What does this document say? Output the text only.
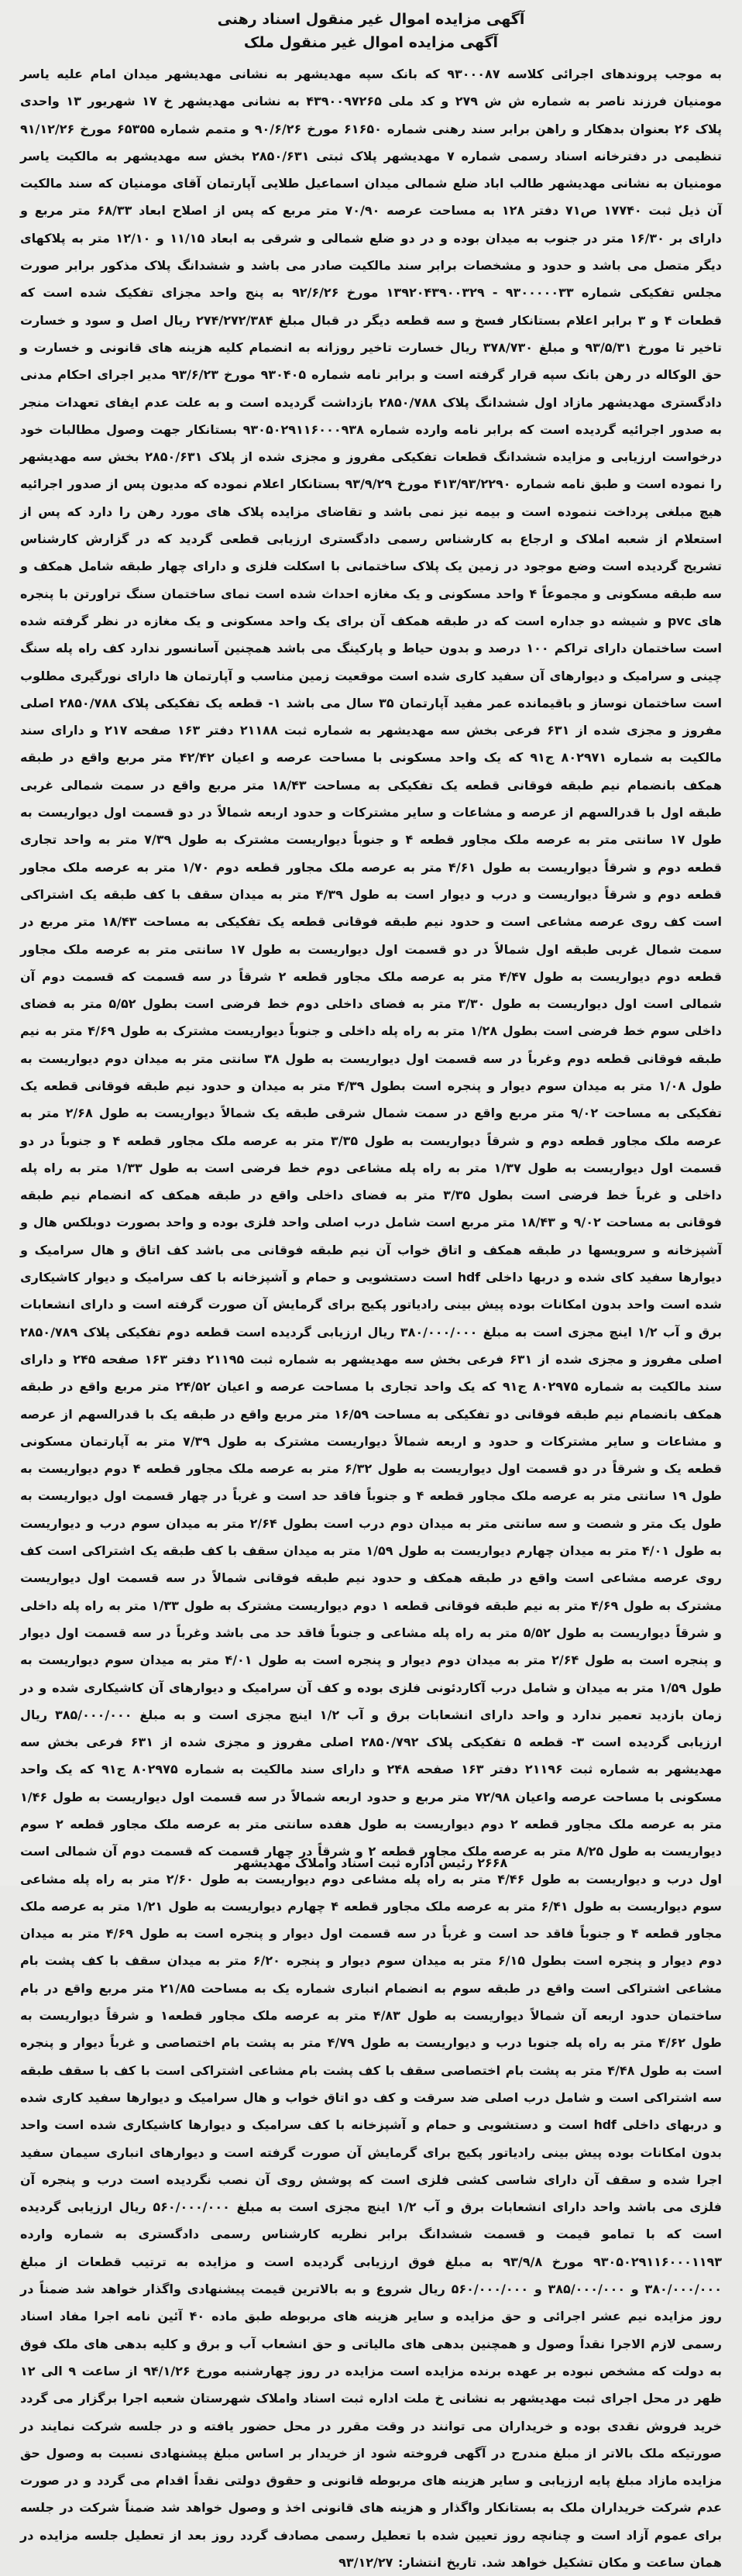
آگهی مزایده اموال غیر منقول اسناد رهنی
آگهی مزایده اموال غیر منقول ملک

به موجب پروندهای اجرائی کلاسه ۹۳۰۰۰۸۷ که بانک سپه مهدیشهر به نشانی مهدیشهر میدان امام علیه یاسر مومنیان فرزند ناصر به شماره ش ش ۲۷۹ و کد ملی ۴۳۹۰۰۹۷۲۶۵ به نشانی مهدیشهر خ ۱۷ شهریور ۱۳ واحدی پلاک ۲۶ بعنوان بدهکار و راهن برابر سند رهنی شماره ۶۱۶۵۰ مورخ ۹۰/۶/۲۶ و متمم شماره ۶۵۳۵۵ مورخ ۹۱/۱۲/۲۶ تنظیمی در دفترخانه اسناد رسمی شماره ۷ مهدیشهر پلاک ثبتی ۲۸۵۰/۶۳۱ بخش سه مهدیشهر به مالکیت یاسر مومنیان به نشانی مهدیشهر طالب اباد ضلع شمالی میدان اسماعیل طلایی آپارتمان آقای مومنیان که سند مالکیت آن ذیل ثبت ۱۷۷۴۰ ص۷۱ دفتر ۱۲۸ به مساحت عرصه ۷۰/۹۰ متر مربع که پس از اصلاح ابعاد ۶۸/۳۳ متر مربع و دارای بر ۱۶/۳۰ متر در جنوب به میدان بوده و در دو ضلع شمالی و شرقی به ابعاد ۱۱/۱۵ و ۱۲/۱۰ متر به پلاکهای دیگر متصل می باشد و حدود و مشخصات برابر سند مالکیت صادر می باشد و ششدانگ پلاک مذکور برابر صورت مجلس تفکیکی شماره ۹۳۰۰۰۰۰۳۳ - ۱۳۹۲۰۴۳۹۰۰۳۲۹ مورخ ۹۲/۶/۲۶ به پنج واحد مجزای تفکیک شده است که قطعات ۴ و ۳ برابر اعلام بستانکار فسخ و سه قطعه دیگر در قبال مبلغ ۲۷۴/۲۷۲/۳۸۴ ریال اصل و سود و خسارت تاخیر تا مورخ ۹۳/۵/۳۱ و مبلغ ۳۷۸/۷۳۰ ریال خسارت تاخیر روزانه به انضمام کلیه هزینه های قانونی و خسارت و حق الوکاله در رهن بانک سپه قرار گرفته است و برابر نامه شماره ۹۳۰۴۰۵ مورخ ۹۳/۶/۲۳ مدیر اجرای احکام مدنی دادگستری مهدیشهر مازاد اول ششدانگ پلاک ۲۸۵۰/۷۸۸ بازداشت گردیده است و به علت عدم ایفای تعهدات منجر به صدور اجرائیه گردیده است که برابر نامه وارده شماره ۹۳۰۵۰۲۹۱۱۶۰۰۰۹۳۸ بستانکار جهت وصول مطالبات خود درخواست ارزیابی و مزایده ششدانگ قطعات تفکیکی مفروز و مجزی شده از پلاک ۲۸۵۰/۶۳۱ بخش سه مهدیشهر را نموده است و طبق نامه شماره ۴۱۳/۹۳/۲۲۹۰ مورخ ۹۳/۹/۲۹ بستانکار اعلام نموده که مدیون پس از صدور اجرائیه هیچ مبلغی پرداخت ننموده است و بیمه نیز نمی باشد و تقاضای مزایده پلاک های مورد رهن را دارد که پس از استعلام از شعبه املاک و ارجاع به کارشناس رسمی دادگستری ارزیابی قطعی گردید که در گزارش کارشناس تشریح گردیده است وضع موجود در زمین یک پلاک ساختمانی با اسکلت فلزی و دارای چهار طبقه شامل همکف و سه طبقه مسکونی و مجموعاً ۴ واحد مسکونی و یک مغازه احداث شده است نمای ساختمان سنگ تراورتن با پنجره های pvc و شیشه دو جداره است که در طبقه همکف آن برای یک واحد مسکونی و یک مغازه در نظر گرفته شده است ساختمان دارای تراکم ۱۰۰ درصد و بدون حیاط و پارکینگ می باشد همچنین آسانسور ندارد کف راه پله سنگ چینی و سرامیک و دیوارهای آن سفید کاری شده است موقعیت زمین مناسب و آپارتمان ها دارای نورگیری مطلوب است ساختمان نوساز و باقیمانده عمر مفید آپارتمان ۳۵ سال می باشد ۱- قطعه یک تفکیکی پلاک ۲۸۵۰/۷۸۸ اصلی مفروز و مجزی شده از ۶۳۱ فرعی بخش سه مهدیشهر به شماره ثبت ۲۱۱۸۸ دفتر ۱۶۳ صفحه ۲۱۷ و دارای سند مالکیت به شماره ۸۰۲۹۷۱ ج۹۱ که یک واحد مسکونی با مساحت عرصه و اعیان ۴۲/۴۲ متر مربع واقع در طبقه همکف بانضمام نیم طبقه فوقانی قطعه یک تفکیکی به مساحت ۱۸/۴۳ متر مربع واقع در سمت شمالی غربی طبقه اول با قدرالسهم از عرصه و مشاعات و سایر مشترکات و حدود اربعه شمالاً در دو قسمت اول دیواریست به طول ۱۷ سانتی متر به عرصه ملک مجاور قطعه ۴ و جنوباً دیواریست مشترک به طول ۷/۳۹ متر به واحد تجاری قطعه دوم و شرقاً دیواریست به طول ۴/۶۱ متر به عرصه ملک مجاور قطعه دوم ۱/۷۰ متر به عرصه ملک مجاور قطعه دوم و شرقاً دیواریست و درب و دیوار است به طول ۴/۳۹ متر به میدان سقف با کف طبقه یک اشتراکی است کف روی عرصه مشاعی است و حدود نیم طبقه فوقانی قطعه یک تفکیکی به مساحت ۱۸/۴۳ متر مربع در سمت شمال غربی طبقه اول شمالاً در دو قسمت اول دیواریست به طول ۱۷ سانتی متر به عرصه ملک مجاور قطعه دوم دیواریست به طول ۴/۴۷ متر به عرصه ملک مجاور قطعه ۲ شرقاً در سه قسمت که قسمت دوم آن شمالی است اول دیواریست به طول ۳/۳۰ متر به فضای داخلی دوم خط فرضی است بطول ۵/۵۲ متر به فضای داخلی سوم خط فرضی است بطول ۱/۲۸ متر به راه پله داخلی و جنوباً دیواریست مشترک به طول ۴/۶۹ متر به نیم طبقه فوقانی قطعه دوم وغرباً در سه قسمت اول دیواریست به طول ۳۸ سانتی متر به میدان دوم دیواریست به طول ۱/۰۸ متر به میدان سوم دیوار و پنجره است بطول ۴/۳۹ متر به میدان و حدود نیم طبقه فوقانی قطعه یک تفکیکی به مساحت ۹/۰۲ متر مربع واقع در سمت شمال شرقی طبقه یک شمالاً دیواریست به طول ۲/۶۸ متر به عرصه ملک مجاور قطعه دوم و شرقاً دیواریست به طول ۳/۳۵ متر به عرصه ملک مجاور قطعه ۴ و جنوباً در دو قسمت اول دیواریست به طول ۱/۳۷ متر به راه پله مشاعی دوم خط فرضی است به طول ۱/۳۳ متر به راه پله داخلی و غرباً خط فرضی است بطول ۳/۳۵ متر به فضای داخلی واقع در طبقه همکف که انضمام نیم طبقه فوقانی به مساحت ۹/۰۲ و ۱۸/۴۳ متر مربع است شامل درب اصلی واحد فلزی بوده و واحد بصورت دوبلکس هال و آشپزخانه و سرویسها در طبقه همکف و اتاق خواب آن نیم طبقه فوقانی می باشد کف اتاق و هال سرامیک و دیوارها سفید کای شده و دربها داخلی hdf است دستشویی و حمام و آشپزخانه با کف سرامیک و دیوار کاشیکاری شده است واحد بدون امکانات بوده پیش بینی رادیاتور پکیج برای گرمایش آن صورت گرفته است و دارای انشعابات برق و آب ۱/۲ اینچ مجزی است به مبلغ ۳۸۰/۰۰۰/۰۰۰ ریال ارزیابی گردیده است قطعه دوم تفکیکی پلاک ۲۸۵۰/۷۸۹ اصلی مفروز و مجزی شده از ۶۳۱ فرعی بخش سه مهدیشهر به شماره ثبت ۲۱۱۹۵ دفتر ۱۶۳ صفحه ۲۴۵ و دارای سند مالکیت به شماره ۸۰۲۹۷۵ ج۹۱ که یک واحد تجاری با مساحت عرصه و اعیان ۲۴/۵۲ متر مربع واقع در طبقه همکف بانضمام نیم طبقه فوقانی دو تفکیکی به مساحت ۱۶/۵۹ متر مربع واقع در طبقه یک با قدرالسهم از عرصه و مشاعات و سایر مشترکات و حدود و اربعه شمالاً دیواریست مشترک به طول ۷/۳۹ متر به آپارتمان مسکونی قطعه یک و شرقاً در دو قسمت اول دیواریست به طول ۶/۳۲ متر به عرصه ملک مجاور قطعه ۴ دوم دیواریست به طول ۱۹ سانتی متر به عرصه ملک مجاور قطعه ۴ و جنوباً فاقد حد است و غرباً در چهار قسمت اول دیواریست به طول یک متر و شصت و سه سانتی متر به میدان دوم درب است بطول ۲/۶۴ متر به میدان سوم درب و دیواریست به طول ۴/۰۱ متر به میدان چهارم دیواریست به طول ۱/۵۹ متر به میدان سقف با کف طبقه یک اشتراکی است کف روی عرصه مشاعی است واقع در طبقه همکف و حدود نیم طبقه فوقانی شمالاً در سه قسمت اول دیواریست مشترک به طول ۴/۶۹ متر به نیم طبقه فوقانی قطعه ۱ دوم دیواریست مشترک به طول ۱/۳۳ متر به راه پله داخلی و شرقاً دیواریست به طول ۵/۵۲ متر به راه پله مشاعی و جنوباً فاقد حد می باشد وغرباً در سه قسمت اول دیوار و پنجره است به طول ۲/۶۴ متر به میدان دوم دیوار و پنجره است به طول ۴/۰۱ متر به میدان سوم دیواریست به طول ۱/۵۹ متر به میدان و شامل درب آکاردئونی فلزی بوده و کف آن سرامیک و دیوارهای آن کاشیکاری شده و در زمان بازدید تعمیر ندارد و واحد دارای انشعابات برق و آب ۱/۲ اینچ مجزی است و به مبلغ ۳۸۵/۰۰۰/۰۰۰ ریال ارزیابی گردیده است ۳- قطعه ۵ تفکیکی پلاک ۲۸۵۰/۷۹۲ اصلی مفروز و مجزی شده از ۶۳۱ فرعی بخش سه مهدیشهر به شماره ثبت ۲۱۱۹۶ دفتر ۱۶۳ صفحه ۲۴۸ و دارای سند مالکیت به شماره ۸۰۲۹۷۵ ج۹۱ که یک واحد مسکونی با مساحت عرصه واعیان ۷۲/۹۸ متر مربع و حدود اربعه شمالاً در سه قسمت اول دیواریست به طول ۱/۴۶ متر به عرصه ملک مجاور قطعه ۲ دوم دیواریست به طول هفده سانتی متر به عرصه ملک مجاور قطعه ۲ سوم دیواریست به طول ۸/۲۵ متر به عرصه ملک مجاور قطعه ۲ و شرقاً در چهار قسمت که قسمت دوم آن شمالی است اول درب و دیواریست به طول ۴/۴۶ متر به راه پله مشاعی دوم دیواریست به طول ۲/۶۰ متر به راه پله مشاعی سوم دیواریست به طول ۶/۴۱ متر به عرصه ملک مجاور قطعه ۴ چهارم دیواریست به طول ۱/۲۱ متر به عرصه ملک مجاور قطعه ۴ و جنوباً فاقد حد است و غرباً در سه قسمت اول دیوار و پنجره است به طول ۴/۶۹ متر به میدان دوم دیوار و پنجره است بطول ۶/۱۵ متر به میدان سوم دیوار و پنجره ۶/۲۰ متر به میدان سقف با کف پشت بام مشاعی اشتراکی است واقع در طبقه سوم به انضمام انباری شماره یک به مساحت ۲۱/۸۵ متر مربع واقع در بام ساختمان حدود اربعه آن شمالاً دیواریست به طول ۴/۸۳ متر به عرصه ملک مجاور قطعه۱ و شرقاً دیواریست به طول ۴/۶۲ متر به راه پله جنوبا درب و دیواریست به طول ۴/۷۹ متر به پشت بام اختصاصی و غرباً دیوار و پنجره است به طول ۴/۴۸ متر به پشت بام اختصاصی سقف با کف پشت بام مشاعی اشتراکی است با کف با سقف طبقه سه اشتراکی است و شامل درب اصلی ضد سرقت و کف دو اتاق خواب و هال سرامیک و دیوارها سفید کاری شده و دربهای داخلی hdf است و دستشویی و حمام و آشپزخانه با کف سرامیک و دیوارها کاشیکاری شده است واحد بدون امکانات بوده پیش بینی رادیاتور پکیج برای گرمایش آن صورت گرفته است و دیوارهای انباری سیمان سفید اجرا شده و سقف آن دارای شاسی کشی فلزی است که پوشش روی آن نصب نگردیده است درب و پنجره آن فلزی می باشد واحد دارای انشعابات برق و آب ۱/۲ اینچ مجزی است به مبلغ ۵۶۰/۰۰۰/۰۰۰ ریال ارزیابی گردیده است که با تمامو قیمت و قسمت ششدانگ برابر نظریه کارشناس رسمی دادگستری به شماره وارده ۹۳۰۵۰۲۹۱۱۶۰۰۰۱۱۹۳ مورخ ۹۳/۹/۸ به مبلغ فوق ارزیابی گردیده است و مزایده به ترتیب قطعات از مبلغ ۳۸۰/۰۰۰/۰۰۰ و ۳۸۵/۰۰۰/۰۰۰ و ۵۶۰/۰۰۰/۰۰۰ ریال شروع و به بالاترین قیمت پیشنهادی واگذار خواهد شد ضمناً در روز مزایده نیم عشر اجرائی و حق مزایده و سایر هزینه های مربوطه طبق ماده ۴۰ آئین نامه اجرا مفاد اسناد رسمی لازم الاجرا نقداً وصول و همچنین بدهی های مالیاتی و حق انشعاب آب و برق و کلیه بدهی های ملک فوق به دولت که مشخص نبوده بر عهده برنده مزایده است مزایده در روز چهارشنبه مورخ ۹۴/۱/۲۶ از ساعت ۹ الی ۱۲ ظهر در محل اجرای ثبت مهدیشهر به نشانی خ ملت اداره ثبت اسناد واملاک شهرستان شعبه اجرا برگزار می گردد خرید فروش نقدی بوده و خریداران می توانند در وقت مقرر در محل حضور یافته و در جلسه شرکت نمایند در صورتیکه ملک بالاتر از مبلغ مندرج در آگهی فروخته شود از خریدار بر اساس مبلغ پیشنهادی نسبت به وصول حق مزایده مازاد مبلغ پایه ارزیابی و سایر هزینه های مربوطه قانونی و حقوق دولتی نقداً اقدام می گردد و در صورت عدم شرکت خریداران ملک به بستانکار واگذار و هزینه های قانونی اخذ و وصول خواهد شد ضمناً شرکت در جلسه برای عموم آزاد است و چنانچه روز تعیین شده با تعطیل رسمی مصادف گردد روز بعد از تعطیل جلسه مزایده در همان ساعت و مکان تشکیل خواهد شد. تاریخ انتشار: ۹۳/۱۲/۲۷

۲۶۶۸ رئیس اداره ثبت اسناد واملاک مهدیشهر
